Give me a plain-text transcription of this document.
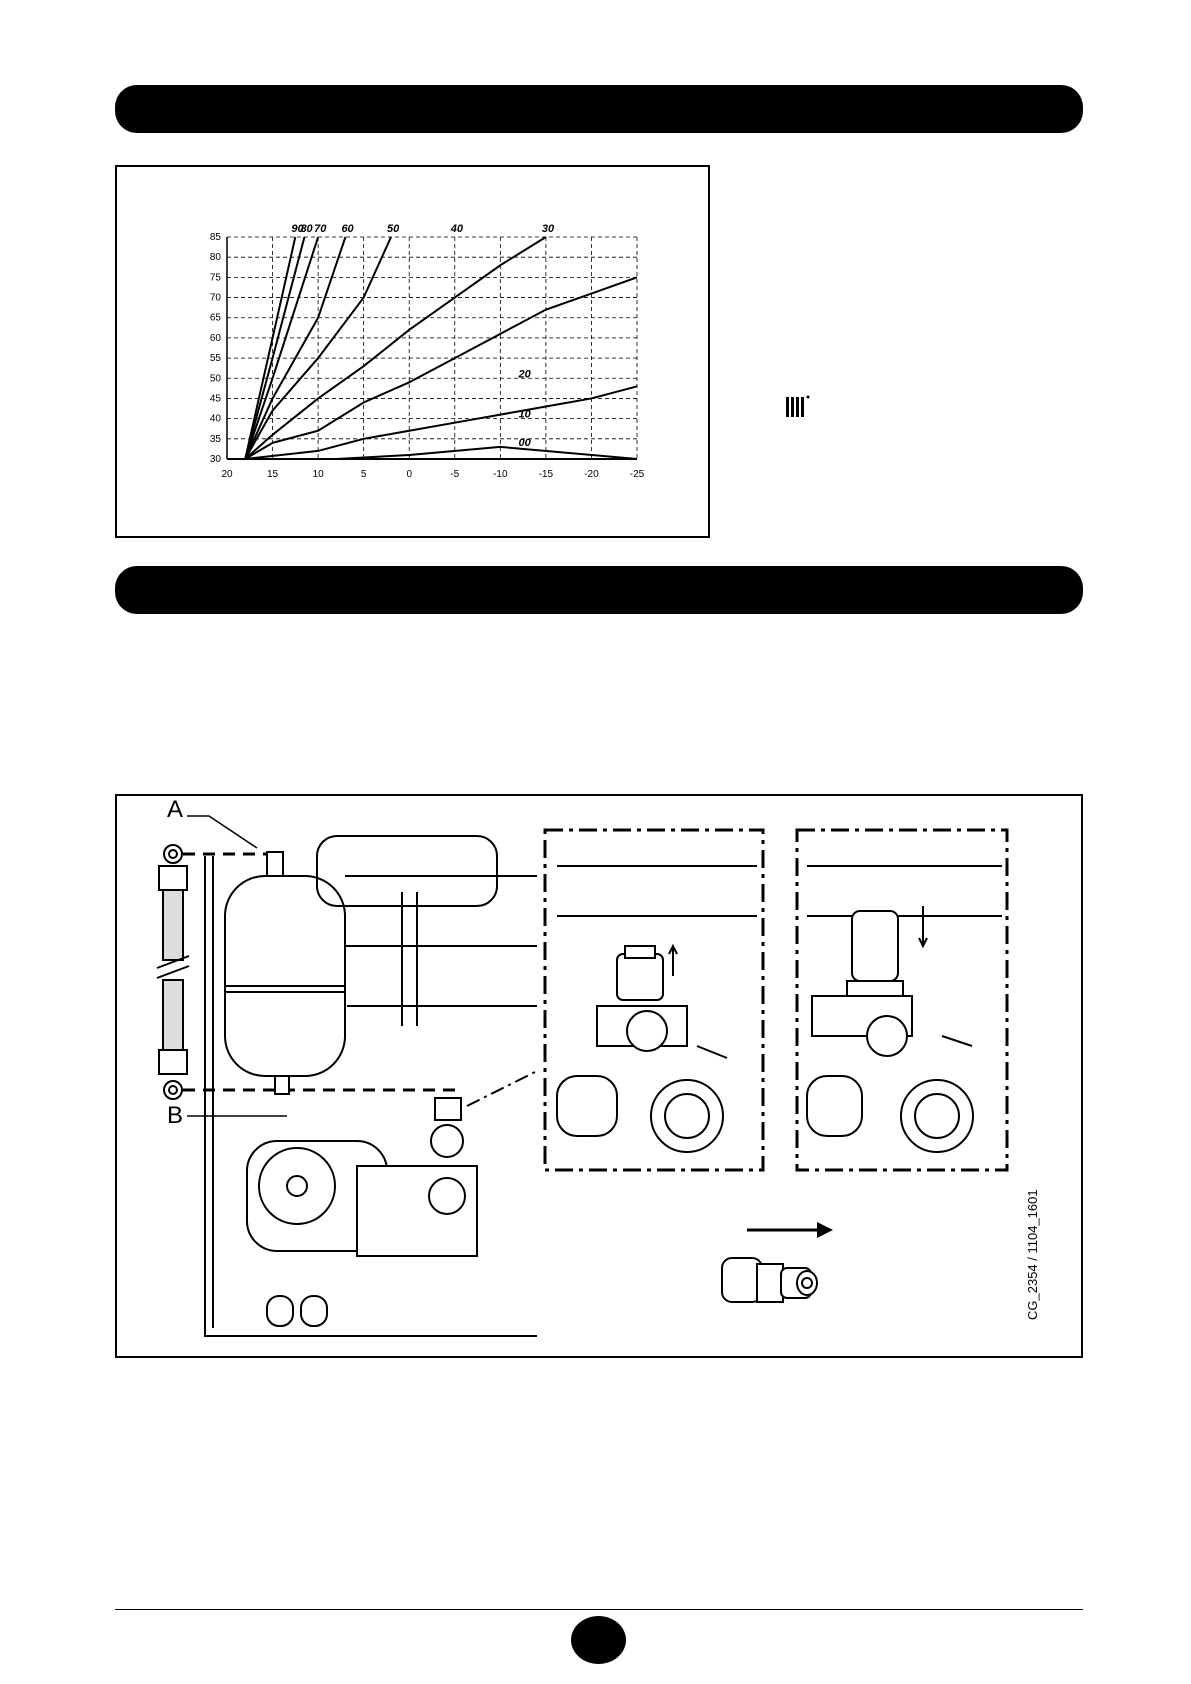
20	15	10	5	0	-5	-10	-15	-20	-25
85
80
75
70
65
60
55
50
45
40
35
30
90
80 70 60	50	40	30
20
10
00
A
B
CG_2354 / 1104_1601
